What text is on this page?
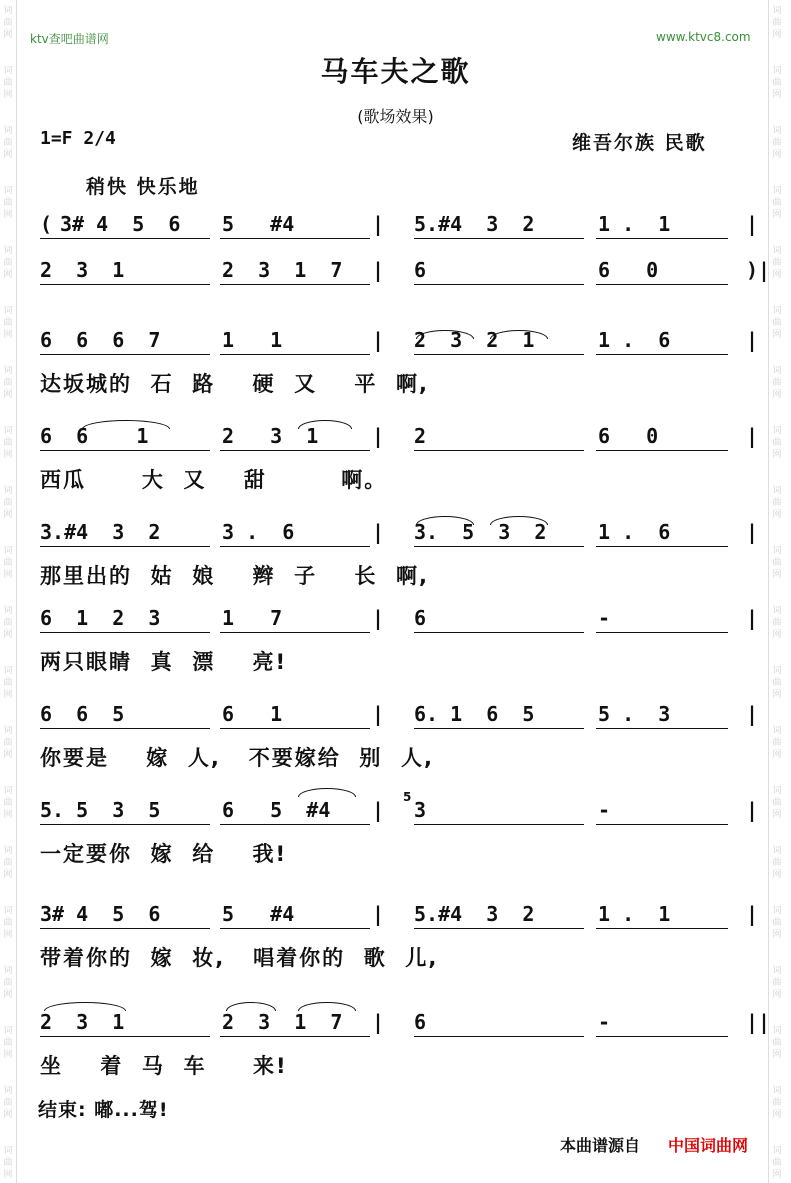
词
曲
网
词
曲
网
词
曲
网
词
曲
网
词
曲
网
词
曲
网
词
曲
网
词
曲
网
词
曲
网
词
曲
网
词
曲
网
词
曲
网
词
曲
网
词
曲
网
词
曲
网
词
曲
网
词
曲
网
词
曲
网
词
曲
网
词
曲
网
词
曲
网
词
曲
网
词
曲
网
词
曲
网
词
曲
网
词
曲
网
词
曲
网
词
曲
网
词
曲
网
词
曲
网
词
曲
网
词
曲
网
词
曲
网
词
曲
网
词
曲
网
词
曲
网
词
曲
网
词
曲
网
词
曲
网
词
曲
网
ktv查吧曲谱网	www.ktvc8.com
马车夫之歌
(歌场效果)
1=F 2/4	维吾尔族 民歌
稍快 快乐地
( 3# 4  5  6 5   #4	| 5.#4  3  2	1 .  1	|
2  3  1	2  3  1  7 | 6	6   0	)|
6  6  6  7	1   1	| 2  3  2  1	1 .  6	|
达坂城的  石  路    硬  又    平  啊,
6  6    1	2   3  1	| 2	6   0	|
西瓜      大  又    甜        啊。
3.#4  3  2	3 .  6	| 3.  5  3  2	1 .  6	|
那里出的  姑  娘    辫  子    长  啊,
6  1  2  3	1   7	| 6	-	|
两只眼睛  真  漂    亮!
6  6  5	6   1	| 6. 1  6  5	5 .  3	|
你要是    嫁  人,   不要嫁给  别  人,
5. 5  3  5	6   5  #4 | 3	-	|
一定要你  嫁  给    我!
3# 4  5  6	5   #4	| 5.#4  3  2	1 .  1	|
带着你的  嫁  妆,   唱着你的  歌  儿,
2  3  1	2  3  1  7 | 6	-	||
坐    着  马  车     来!
5
结束: 嘟...驾!
本曲谱源自 中国词曲网
